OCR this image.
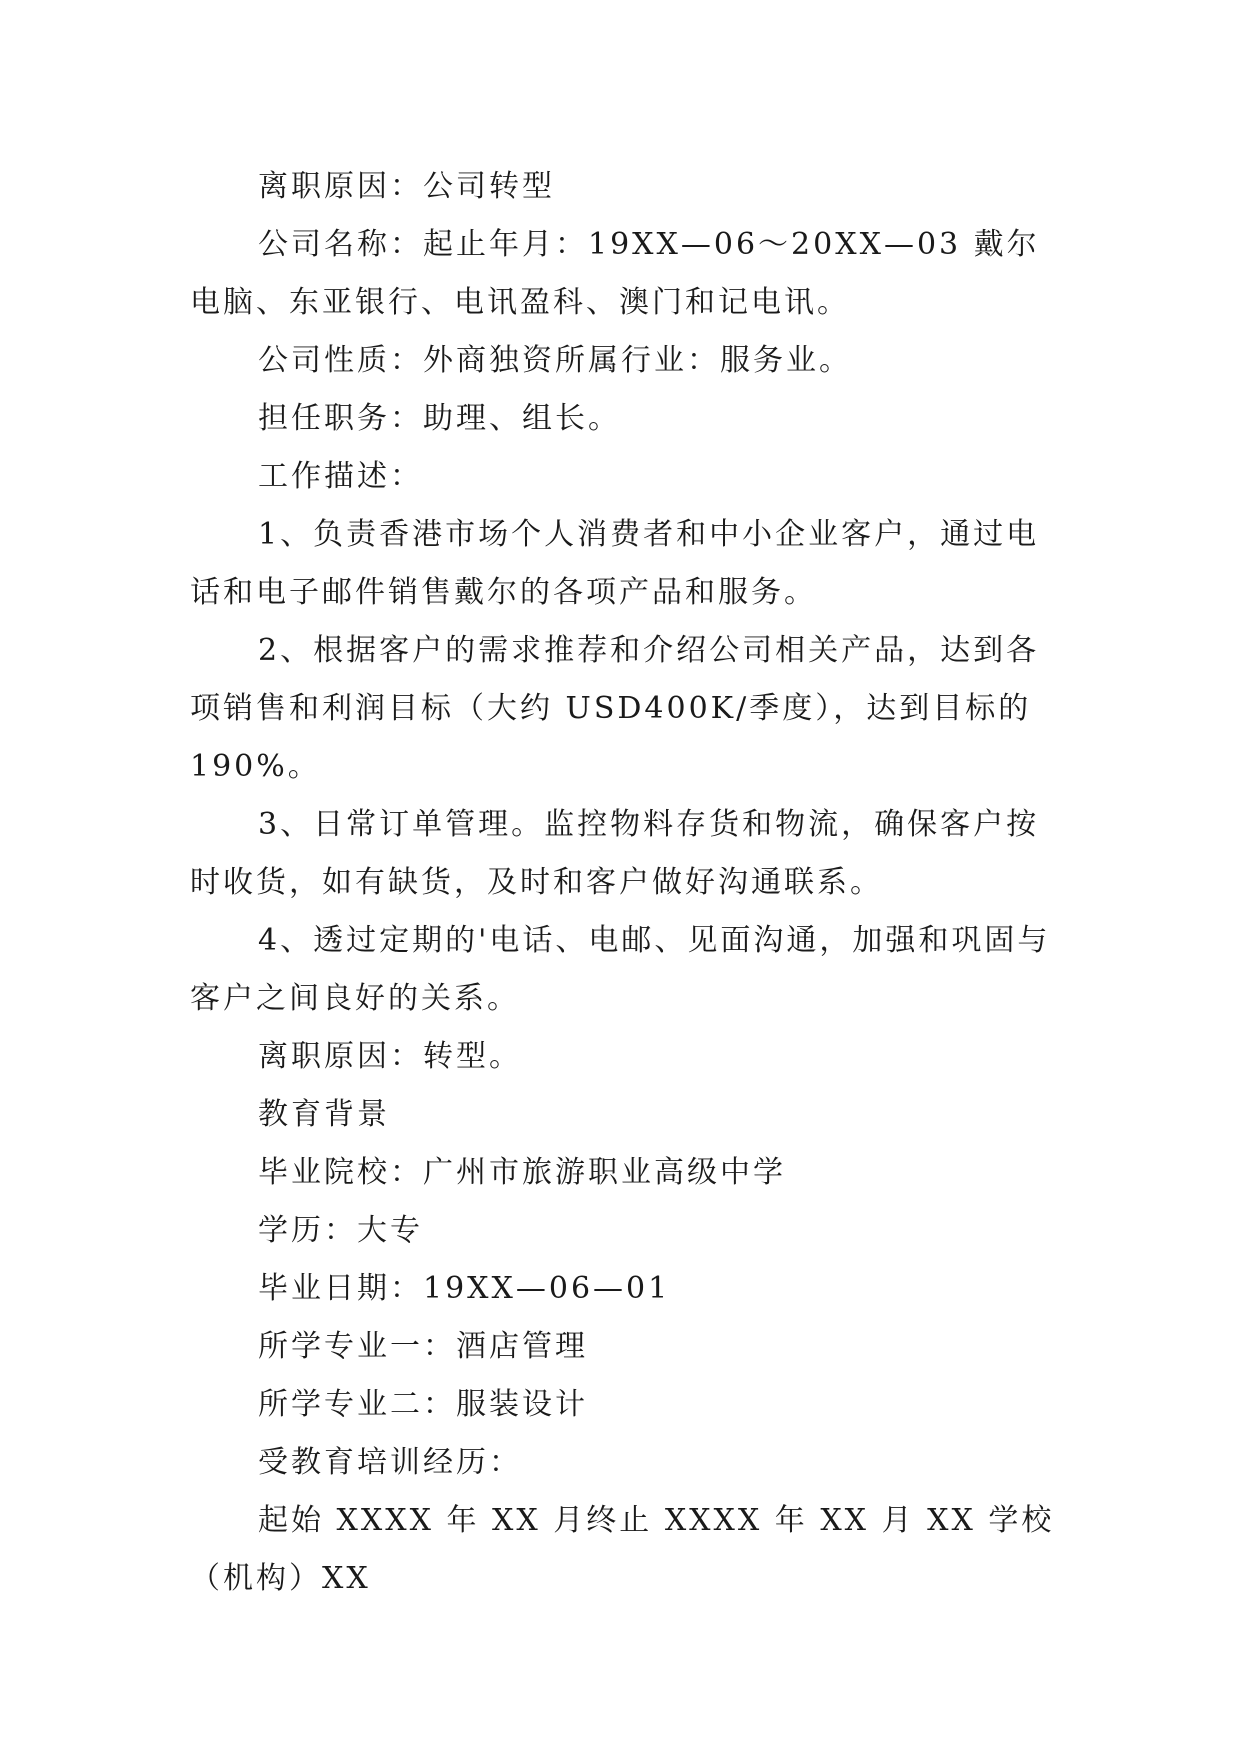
离职原因：公司转型

公司名称：起止年月：19XX—06～20XX—03 戴尔电脑、东亚银行、电讯盈科、澳门和记电讯。

公司性质：外商独资所属行业：服务业。

担任职务：助理、组长。

工作描述：

1、负责香港市场个人消费者和中小企业客户，通过电话和电子邮件销售戴尔的各项产品和服务。

2、根据客户的需求推荐和介绍公司相关产品，达到各项销售和利润目标（大约 USD400K/季度），达到目标的 190%。

3、日常订单管理。监控物料存货和物流，确保客户按时收货，如有缺货，及时和客户做好沟通联系。

4、透过定期的'电话、电邮、见面沟通，加强和巩固与客户之间良好的关系。

离职原因：转型。

教育背景

毕业院校：广州市旅游职业高级中学

学历：大专

毕业日期：19XX—06—01

所学专业一：酒店管理

所学专业二：服装设计

受教育培训经历：

起始 XXXX 年 XX 月终止 XXXX 年 XX 月 XX 学校（机构）XX
